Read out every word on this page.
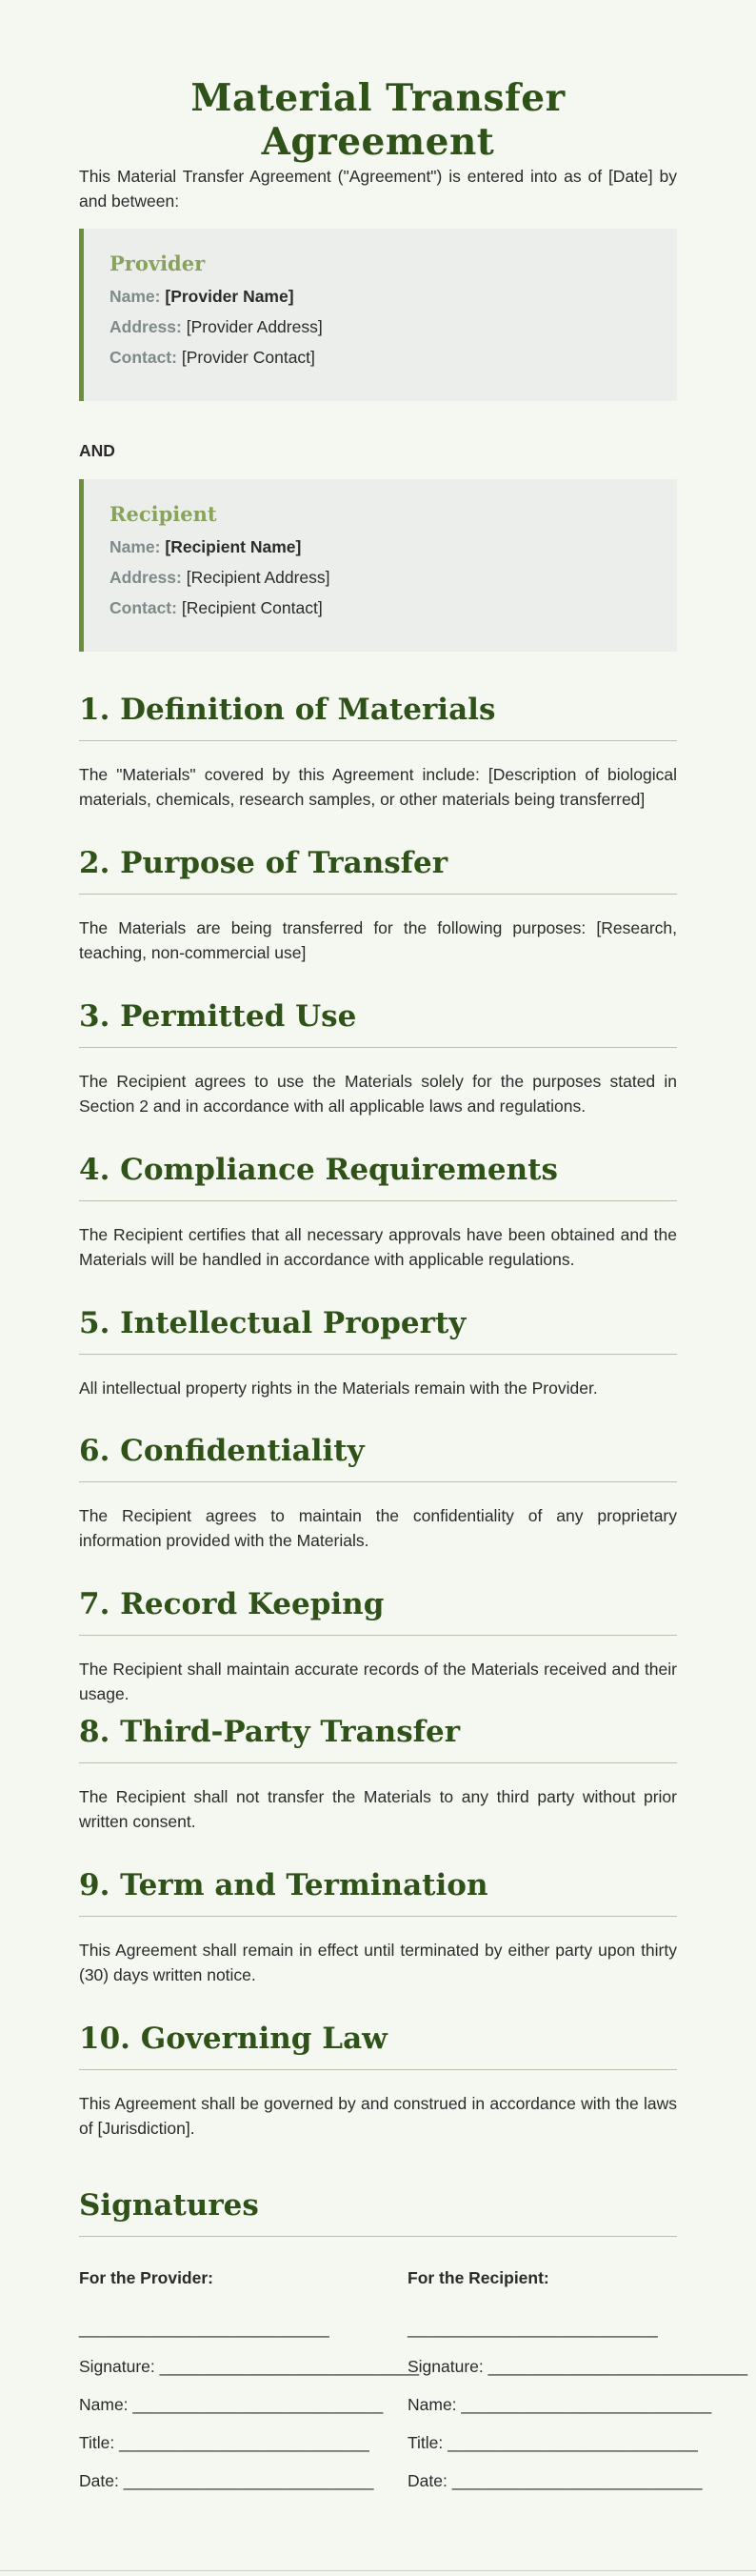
Material Transfer Agreement

This Material Transfer Agreement ("Agreement") is entered into as of [Date] by and between:

Provider
Name: [Provider Name]
Address: [Provider Address]
Contact: [Provider Contact]
AND
Recipient
Name: [Recipient Name]
Address: [Recipient Address]
Contact: [Recipient Contact]
1. Definition of Materials

The "Materials" covered by this Agreement include: [Description of biological materials, chemicals, research samples, or other materials being transferred]

2. Purpose of Transfer

The Materials are being transferred for the following purposes: [Research, teaching, non-commercial use]

3. Permitted Use

The Recipient agrees to use the Materials solely for the purposes stated in Section 2 and in accordance with all applicable laws and regulations.

4. Compliance Requirements

The Recipient certifies that all necessary approvals have been obtained and the Materials will be handled in accordance with applicable regulations.

5. Intellectual Property

All intellectual property rights in the Materials remain with the Provider.

6. Confidentiality

The Recipient agrees to maintain the confidentiality of any proprietary information provided with the Materials.

7. Record Keeping

The Recipient shall maintain accurate records of the Materials received and their usage.

8. Third-Party Transfer

The Recipient shall not transfer the Materials to any third party without prior written consent.

9. Term and Termination

This Agreement shall remain in effect until terminated by either party upon thirty (30) days written notice.

10. Governing Law

This Agreement shall be governed by and construed in accordance with the laws of [Jurisdiction].

Signatures
For the Provider:
___________________________
Signature: ____________________________
Name: ___________________________
Title: ___________________________
Date: ___________________________
For the Recipient:
___________________________
Signature: ____________________________
Name: ___________________________
Title: ___________________________
Date: ___________________________
